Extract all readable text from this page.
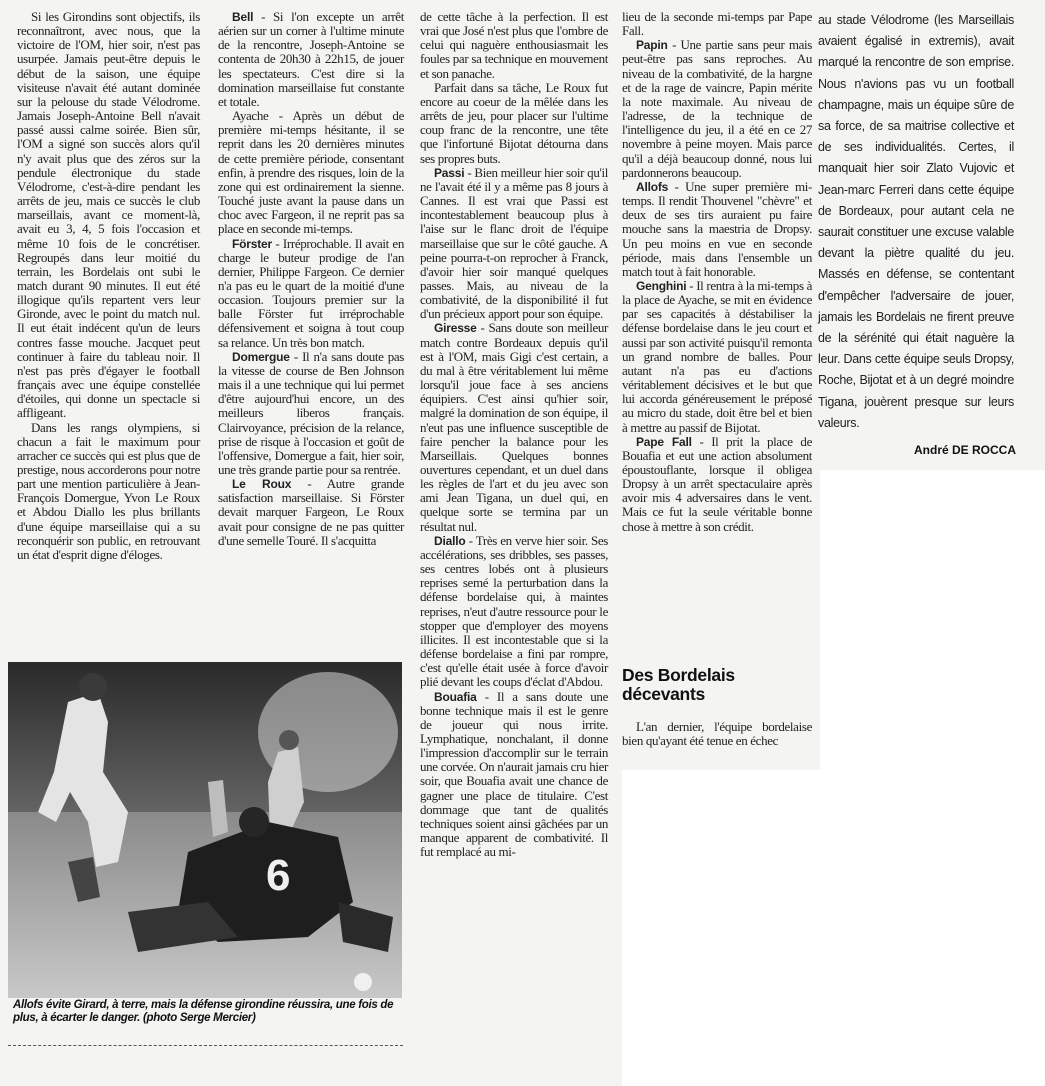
Si les Girondins sont objectifs, ils reconnaîtront, avec nous, que la victoire de l'OM, hier soir, n'est pas usurpée. Jamais peut-être depuis le début de la saison, une équipe visiteuse n'avait été autant dominée sur la pelouse du stade Vélodrome. Jamais Joseph-Antoine Bell n'avait passé aussi calme soirée. Bien sûr, l'OM a signé son succès alors qu'il n'y avait plus que des zéros sur la pendule électronique du stade Vélodrome, c'est-à-dire pendant les arrêts de jeu, mais ce succès le club marseillais, avant ce moment-là, avait eu 3, 4, 5 fois l'occasion et même 10 fois de le concrétiser. Regroupés dans leur moitié du terrain, les Bordelais ont subi le match durant 90 minutes. Il eut été illogique qu'ils repartent vers leur Gironde, avec le point du match nul. Il eut était indécent qu'un de leurs contres fasse mouche. Jacquet peut continuer à faire du tableau noir. Il n'est pas près d'égayer le football français avec une équipe constellée d'étoiles, qui donne un spectacle si affligeant.

Dans les rangs olympiens, si chacun a fait le maximum pour arracher ce succès qui est plus que de prestige, nous accorderons pour notre part une mention particulière à Jean-François Domergue, Yvon Le Roux et Abdou Diallo les plus brillants d'une équipe marseillaise qui a su reconquérir son public, en retrouvant un état d'esprit digne d'éloges.

Bell - Si l'on excepte un arrêt aérien sur un corner à l'ultime minute de la rencontre, Joseph-Antoine se contenta de 20h30 à 22h15, de jouer les spectateurs. C'est dire si la domination marseillaise fut constante et totale.

Ayache - Après un début de première mi-temps hésitante, il se reprit dans les 20 dernières minutes de cette première période, consentant enfin, à prendre des risques, loin de la zone qui est ordinairement la sienne. Touché juste avant la pause dans un choc avec Fargeon, il ne reprit pas sa place en seconde mi-temps.

Förster - Irréprochable. Il avait en charge le buteur prodige de l'an dernier, Philippe Fargeon. Ce dernier n'a pas eu le quart de la moitié d'une occasion. Toujours premier sur la balle Förster fut irréprochable défensivement et soigna à tout coup sa relance. Un très bon match.

Domergue - Il n'a sans doute pas la vitesse de course de Ben Johnson mais il a une technique qui lui permet d'être aujourd'hui encore, un des meilleurs liberos français. Clairvoyance, précision de la relance, prise de risque à l'occasion et goût de l'offensive, Domergue a fait, hier soir, une très grande partie pour sa rentrée.

Le Roux - Autre grande satisfaction marseillaise. Si Förster devait marquer Fargeon, Le Roux avait pour consigne de ne pas quitter d'une semelle Touré. Il s'acquitta

de cette tâche à la perfection. Il est vrai que José n'est plus que l'ombre de celui qui naguère enthousiasmait les foules par sa technique en mouvement et son panache.

Parfait dans sa tâche, Le Roux fut encore au coeur de la mêlée dans les arrêts de jeu, pour placer sur l'ultime coup franc de la rencontre, une tête que l'infortuné Bijotat détourna dans ses propres buts.

Passi - Bien meilleur hier soir qu'il ne l'avait été il y a même pas 8 jours à Cannes. Il est vrai que Passi est incontestablement beaucoup plus à l'aise sur le flanc droit de l'équipe marseillaise que sur le côté gauche. A peine pourra-t-on reprocher à Franck, d'avoir hier soir manqué quelques passes. Mais, au niveau de la combativité, de la disponibilité il fut d'un précieux apport pour son équipe.

Giresse - Sans doute son meilleur match contre Bordeaux depuis qu'il est à l'OM, mais Gigi c'est certain, a du mal à être véritablement lui même lorsqu'il joue face à ses anciens équipiers. C'est ainsi qu'hier soir, malgré la domination de son équipe, il n'eut pas une influence susceptible de faire pencher la balance pour les Marseillais. Quelques bonnes ouvertures cependant, et un duel dans les règles de l'art et du jeu avec son ami Jean Tigana, un duel qui, en quelque sorte se termina par un résultat nul.

Diallo - Très en verve hier soir. Ses accélérations, ses dribbles, ses passes, ses centres lobés ont à plusieurs reprises semé la perturbation dans la défense bordelaise qui, à maintes reprises, n'eut d'autre ressource pour le stopper que d'employer des moyens illicites. Il est incontestable que si la défense bordelaise a fini par rompre, c'est qu'elle était usée à force d'avoir plié devant les coups d'éclat d'Abdou.

Bouafia - Il a sans doute une bonne technique mais il est le genre de joueur qui nous irrite. Lymphatique, nonchalant, il donne l'impression d'accomplir sur le terrain une corvée. On n'aurait jamais cru hier soir, que Bouafia avait une chance de gagner une place de titulaire. C'est dommage que tant de qualités techniques soient ainsi gâchées par un manque apparent de combativité. Il fut remplacé au mi-

lieu de la seconde mi-temps par Pape Fall.

Papin - Une partie sans peur mais peut-être pas sans reproches. Au niveau de la combativité, de la hargne et de la rage de vaincre, Papin mérite la note maximale. Au niveau de l'adresse, de la technique de l'intelligence du jeu, il a été en ce 27 novembre à peine moyen. Mais parce qu'il a déjà beaucoup donné, nous lui pardonnerons beaucoup.

Allofs - Une super première mi-temps. Il rendit Thouvenel "chèvre" et deux de ses tirs auraient pu faire mouche sans la maestria de Dropsy. Un peu moins en vue en seconde période, mais dans l'ensemble un match tout à fait honorable.

Genghini - Il rentra à la mi-temps à la place de Ayache, se mit en évidence par ses capacités à déstabiliser la défense bordelaise dans le jeu court et aussi par son activité puisqu'il remonta un grand nombre de balles. Pour autant n'a pas eu d'actions véritablement décisives et le but que lui accorda généreusement le préposé au micro du stade, doit être bel et bien à mettre au passif de Bijotat.

Pape Fall - Il prit la place de Bouafia et eut une action absolument époustouflante, lorsque il obligea Dropsy à un arrêt spectaculaire après avoir mis 4 adversaires dans le vent. Mais ce fut la seule véritable bonne chose à mettre à son crédit.

Des Bordelais décevants

L'an dernier, l'équipe bordelaise bien qu'ayant été tenue en échec

au stade Vélodrome (les Marseillais avaient égalisé in extremis), avait marqué la rencontre de son emprise. Nous n'avions pas vu un football champagne, mais un équipe sûre de sa force, de sa maitrise collective et de ses individualités. Certes, il manquait hier soir Zlato Vujovic et Jean-marc Ferreri dans cette équipe de Bordeaux, pour autant cela ne saurait constituer une excuse valable devant la piètre qualité du jeu. Massés en défense, se contentant d'empêcher l'adversaire de jouer, jamais les Bordelais ne firent preuve de la sérénité qui était naguère la leur. Dans cette équipe seuls Dropsy, Roche, Bijotat et à un degré moindre Tigana, jouèrent presque sur leurs valeurs.

André DE ROCCA
6
Allofs évite Girard, à terre, mais la défense girondine réussira, une fois de plus, à écarter le danger. (photo Serge Mercier)
